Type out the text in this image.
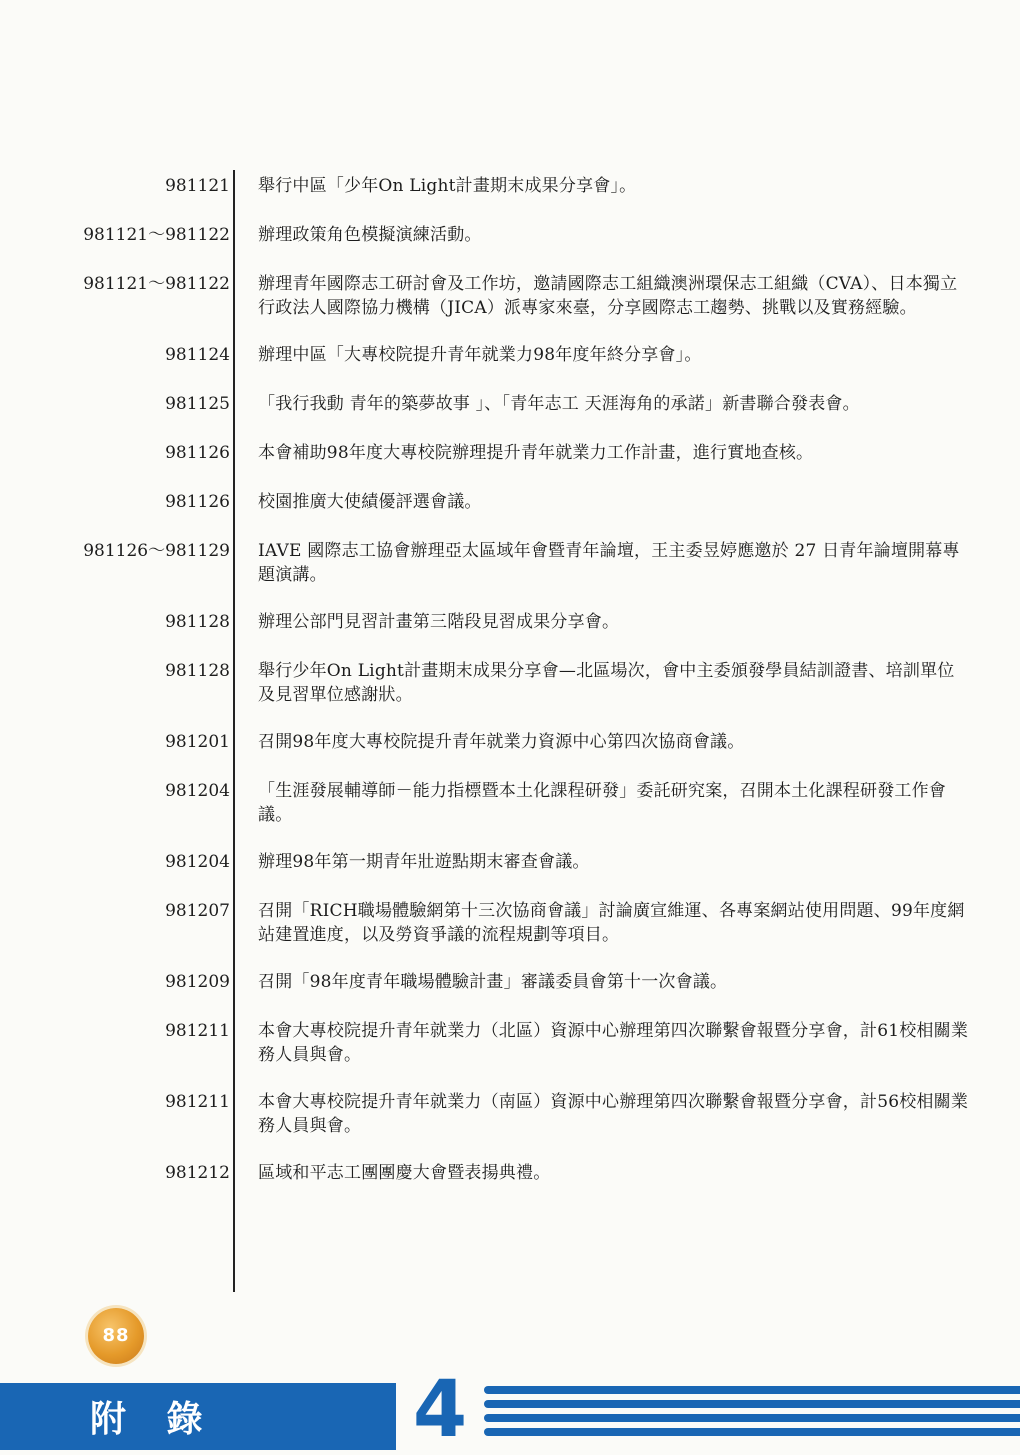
981121 舉行中區「少年On Light計畫期末成果分享會」。
981121～981122 辦理政策角色模擬演練活動。
981121～981122 辦理青年國際志工研討會及工作坊，邀請國際志工組織澳洲環保志工組織（CVA）、日本獨立行政法人國際協力機構（JICA）派專家來臺，分享國際志工趨勢、挑戰以及實務經驗。
981124 辦理中區「大專校院提升青年就業力98年度年終分享會」。
981125 「我行我動 青年的築夢故事 」、「青年志工 天涯海角的承諾」新書聯合發表會。
981126 本會補助98年度大專校院辦理提升青年就業力工作計畫，進行實地查核。
981126 校園推廣大使績優評選會議。
981126～981129 IAVE 國際志工協會辦理亞太區域年會暨青年論壇，王主委昱婷應邀於 27 日青年論壇開幕專題演講。
981128 辦理公部門見習計畫第三階段見習成果分享會。
981128 舉行少年On Light計畫期末成果分享會—北區場次，會中主委頒發學員結訓證書、培訓單位及見習單位感謝狀。
981201 召開98年度大專校院提升青年就業力資源中心第四次協商會議。
981204 「生涯發展輔導師－能力指標暨本土化課程研發」委託研究案，召開本土化課程研發工作會議。
981204 辦理98年第一期青年壯遊點期末審查會議。
981207 召開「RICH職場體驗網第十三次協商會議」討論廣宣維運、各專案網站使用問題、99年度網站建置進度，以及勞資爭議的流程規劃等項目。
981209 召開「98年度青年職場體驗計畫」審議委員會第十一次會議。
981211 本會大專校院提升青年就業力（北區）資源中心辦理第四次聯繫會報暨分享會，計61校相關業務人員與會。
981211 本會大專校院提升青年就業力（南區）資源中心辦理第四次聯繫會報暨分享會，計56校相關業務人員與會。
981212 區域和平志工團團慶大會暨表揚典禮。
88
附 錄	4
